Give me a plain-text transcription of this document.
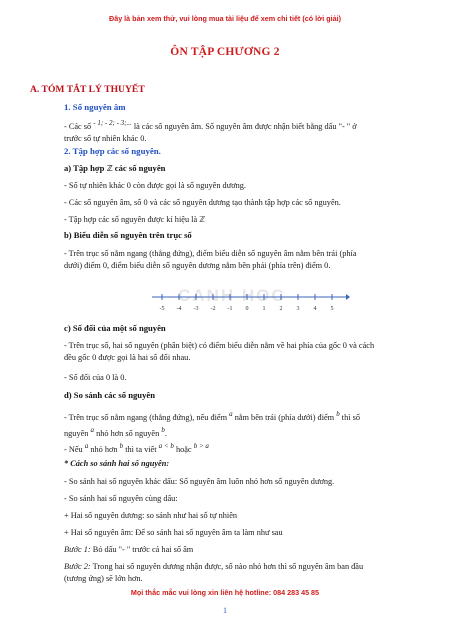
Đây là bản xem thử, vui lòng mua tài liệu để xem chi tiết (có lời giải)
ÔN TẬP CHƯƠNG 2
A. TÓM TẮT LÝ THUYẾT
1. Số nguyên âm
- Các số $^{- 1; - 2; - 3;...}$ là các số nguyên âm. Số nguyên âm được nhận biết bằng dấu "- " ở
trước số tự nhiên khác 0.
2. Tập hợp các số nguyên.
a) Tập hợp ℤ các số nguyên
- Số tự nhiên khác 0 còn được gọi là số nguyên dương.
- Các số nguyên âm, số 0 và các số nguyên dương tạo thành tập hợp các số nguyên.
- Tập hợp các số nguyên được kí hiệu là ℤ
b) Biểu diễn số nguyên trên trục số
- Trên trục số nằm ngang (thẳng đứng), điểm biểu diễn số nguyên âm nằm bên trái (phía
dưới) điểm 0, điểm biểu diễn số nguyên dương nằm bên phải (phía trên) điểm 0.
CANH HOC
-5 -4 -3 -2 -1 0 1 2 3 4 5
c) Số đối của một số nguyên
- Trên trục số, hai số nguyên (phân biệt) có điểm biểu diễn nằm về hai phía của gốc 0 và cách
đều gốc 0 được gọi là hai số đối nhau.
- Số đối của 0 là 0.
d) So sánh các số nguyên
- Trên trục số nằm ngang (thẳng đứng), nếu điểm $^a$ nằm bên trái (phía dưới) điểm $^b$ thì số
nguyên $^a$ nhỏ hơn số nguyên $^b$.
- Nếu $^a$ nhỏ hơn $^b$ thì ta viết $^{a < b}$ hoặc $^{b > a}$
* Cách so sánh hai số nguyên:
- So sánh hai số nguyên khác dấu: Số nguyên âm luôn nhỏ hơn số nguyên dương.
- So sánh hai số nguyên cùng dấu:
+ Hai số nguyên dương: so sánh như hai số tự nhiên
+ Hai số nguyên âm: Để so sánh hai số nguyên âm ta làm như sau
Bước 1: Bỏ dấu "- " trước cả hai số âm
Bước 2: Trong hai số nguyên dương nhận được, số nào nhỏ hơn thì số nguyên âm ban đầu
(tương ứng) sẽ lớn hơn.
Mọi thắc mắc vui lòng xin liên hệ hotline: 084 283 45 85
1
